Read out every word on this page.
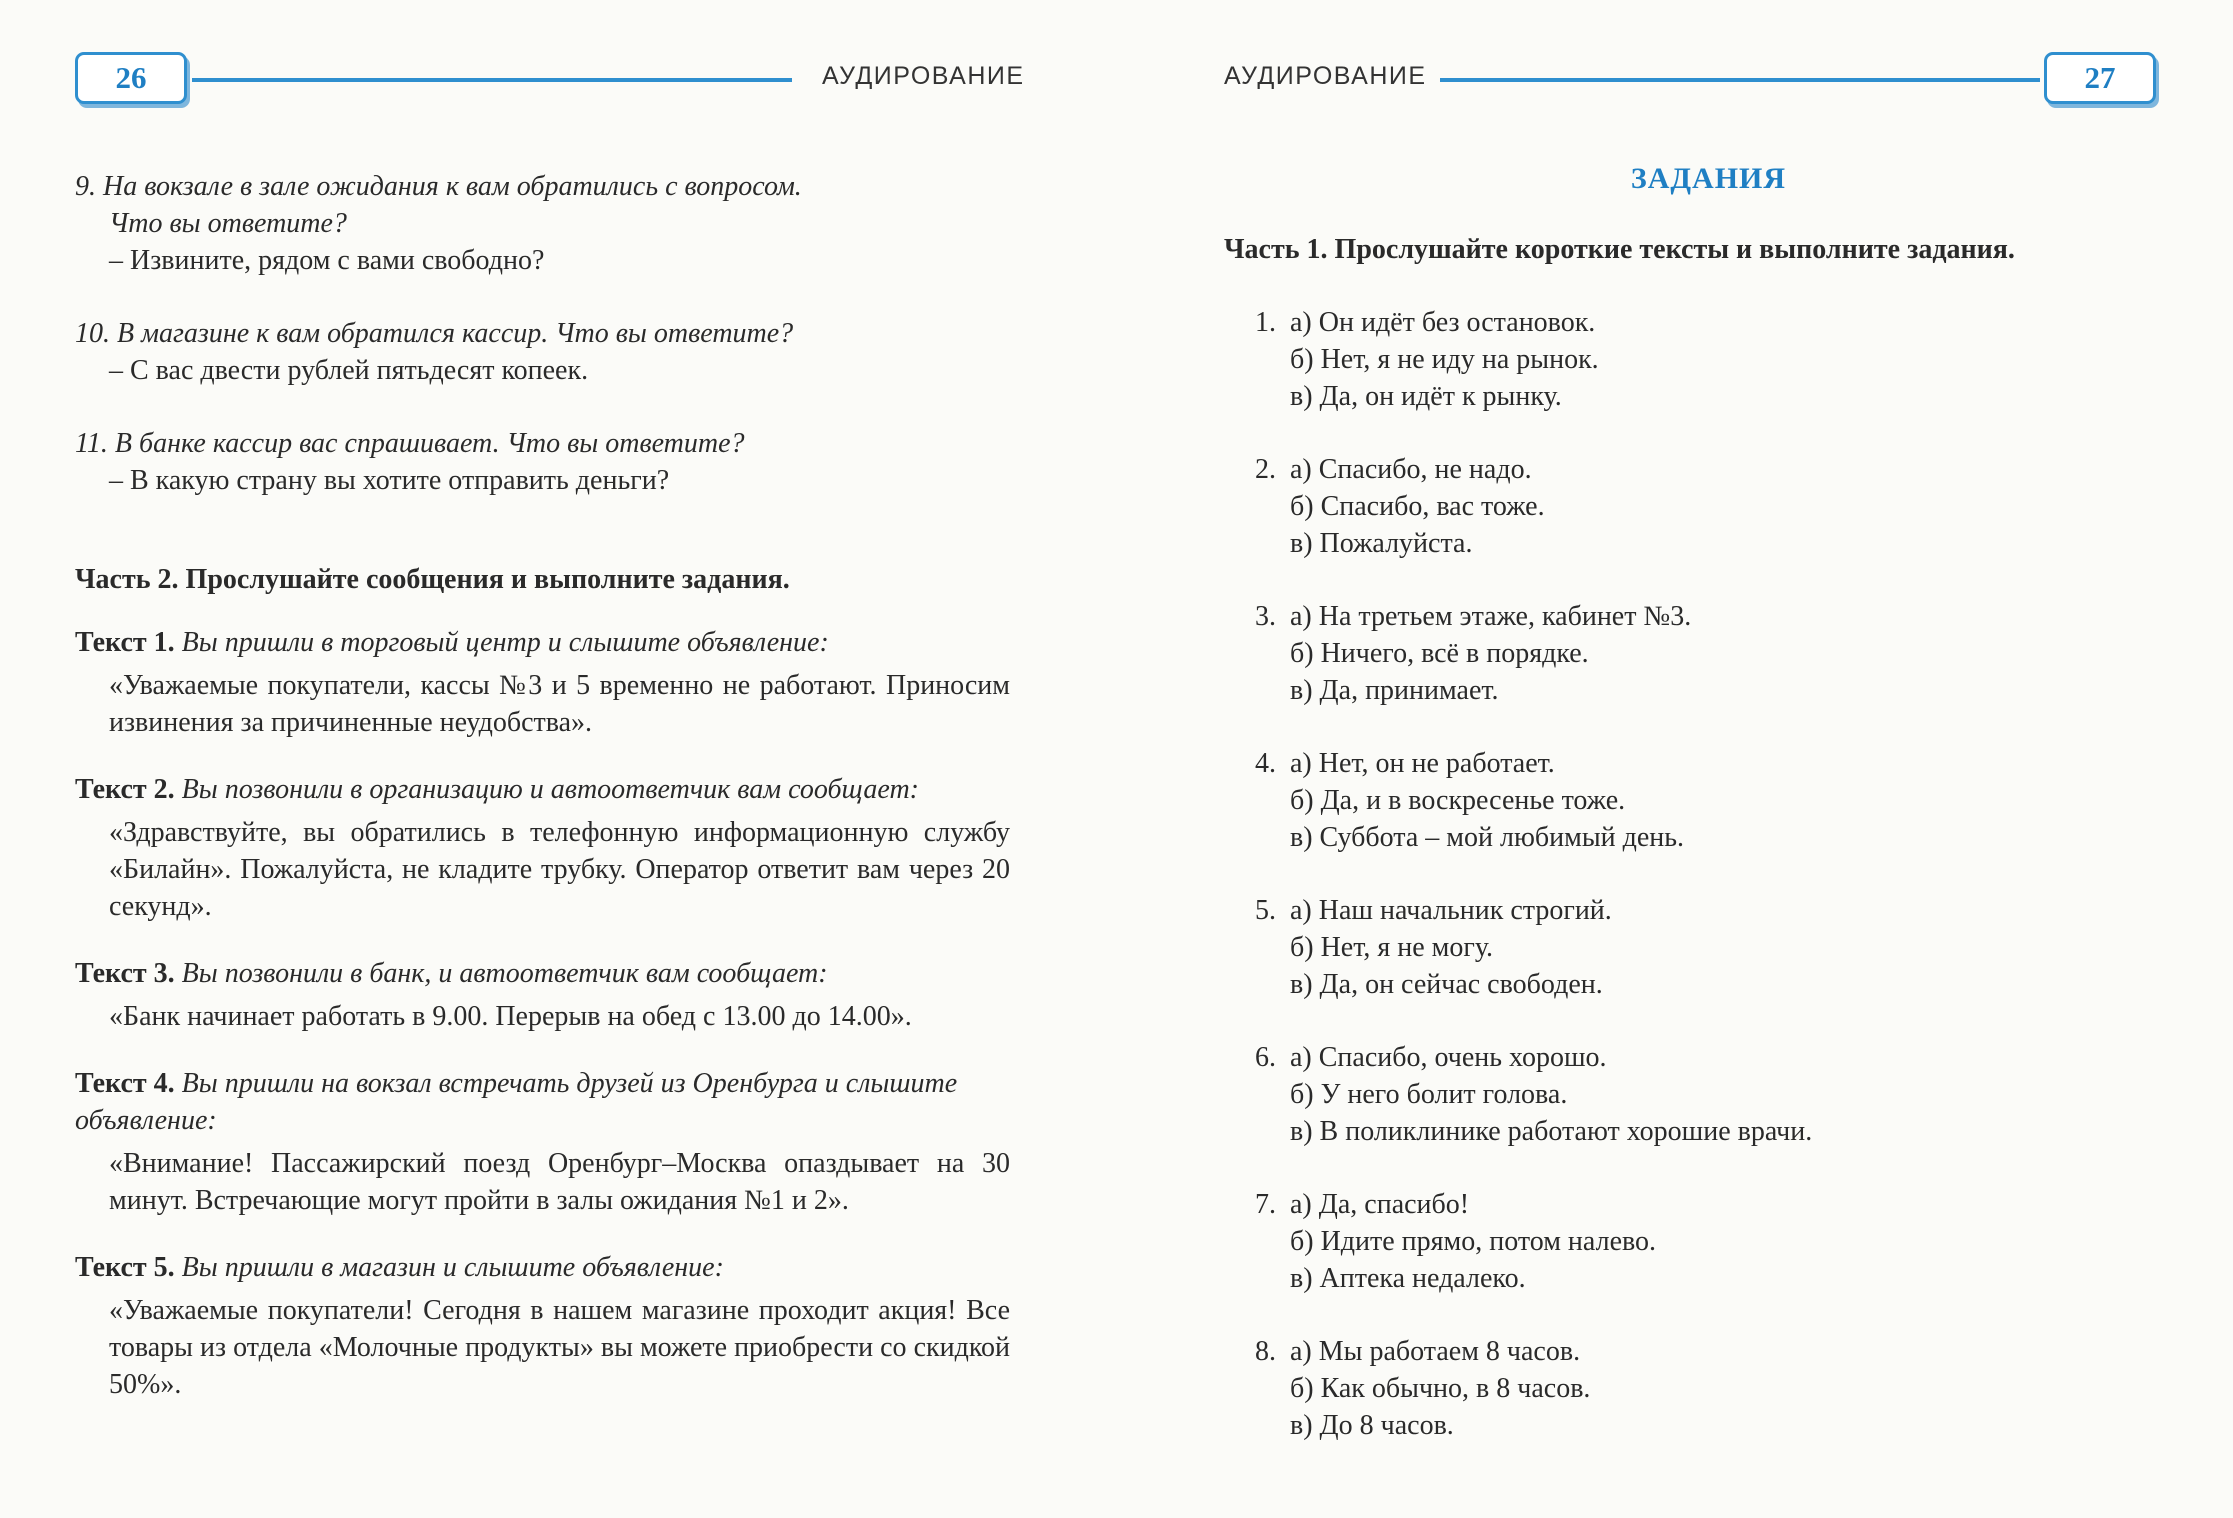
26	АУДИРОВАНИЕ
9. На вокзале в зале ожидания к вам обратились с вопросом.
Что вы ответите?
– Извините, рядом с вами свободно?
10. В магазине к вам обратился кассир. Что вы ответите?
– С вас двести рублей пятьдесят копеек.
11. В банке кассир вас спрашивает. Что вы ответите?
– В какую страну вы хотите отправить деньги?
Часть 2. Прослушайте сообщения и выполните задания.
Текст 1. Вы пришли в торговый центр и слышите объявление:
«Уважаемые покупатели, кассы №3 и 5 временно не работают. Приносим извинения за причиненные неудобства».
Текст 2. Вы позвонили в организацию и автоответчик вам сообщает:
«Здравствуйте, вы обратились в телефонную информационную службу «Билайн». Пожалуйста, не кладите трубку. Оператор ответит вам через 20 секунд».
Текст 3. Вы позвонили в банк, и автоответчик вам сообщает:
«Банк начинает работать в 9.00. Перерыв на обед с 13.00 до 14.00».
Текст 4. Вы пришли на вокзал встречать друзей из Оренбурга и слышите объявление:
«Внимание! Пассажирский поезд Оренбург–Москва опаздывает на 30 минут. Встречающие могут пройти в залы ожидания №1 и 2».
Текст 5. Вы пришли в магазин и слышите объявление:
«Уважаемые покупатели! Сегодня в нашем магазине проходит акция! Все товары из отдела «Молочные продукты» вы можете приобрести со скидкой 50%».
АУДИРОВАНИЕ	27
ЗАДАНИЯ
Часть 1. Прослушайте короткие тексты и выполните задания.
1. а) Он идёт без остановок.
б) Нет, я не иду на рынок.
в) Да, он идёт к рынку.
2. а) Спасибо, не надо.
б) Спасибо, вас тоже.
в) Пожалуйста.
3. а) На третьем этаже, кабинет №3.
б) Ничего, всё в порядке.
в) Да, принимает.
4. а) Нет, он не работает.
б) Да, и в воскресенье тоже.
в) Суббота – мой любимый день.
5. а) Наш начальник строгий.
б) Нет, я не могу.
в) Да, он сейчас свободен.
6. а) Спасибо, очень хорошо.
б) У него болит голова.
в) В поликлинике работают хорошие врачи.
7. а) Да, спасибо!
б) Идите прямо, потом налево.
в) Аптека недалеко.
8. а) Мы работаем 8 часов.
б) Как обычно, в 8 часов.
в) До 8 часов.
